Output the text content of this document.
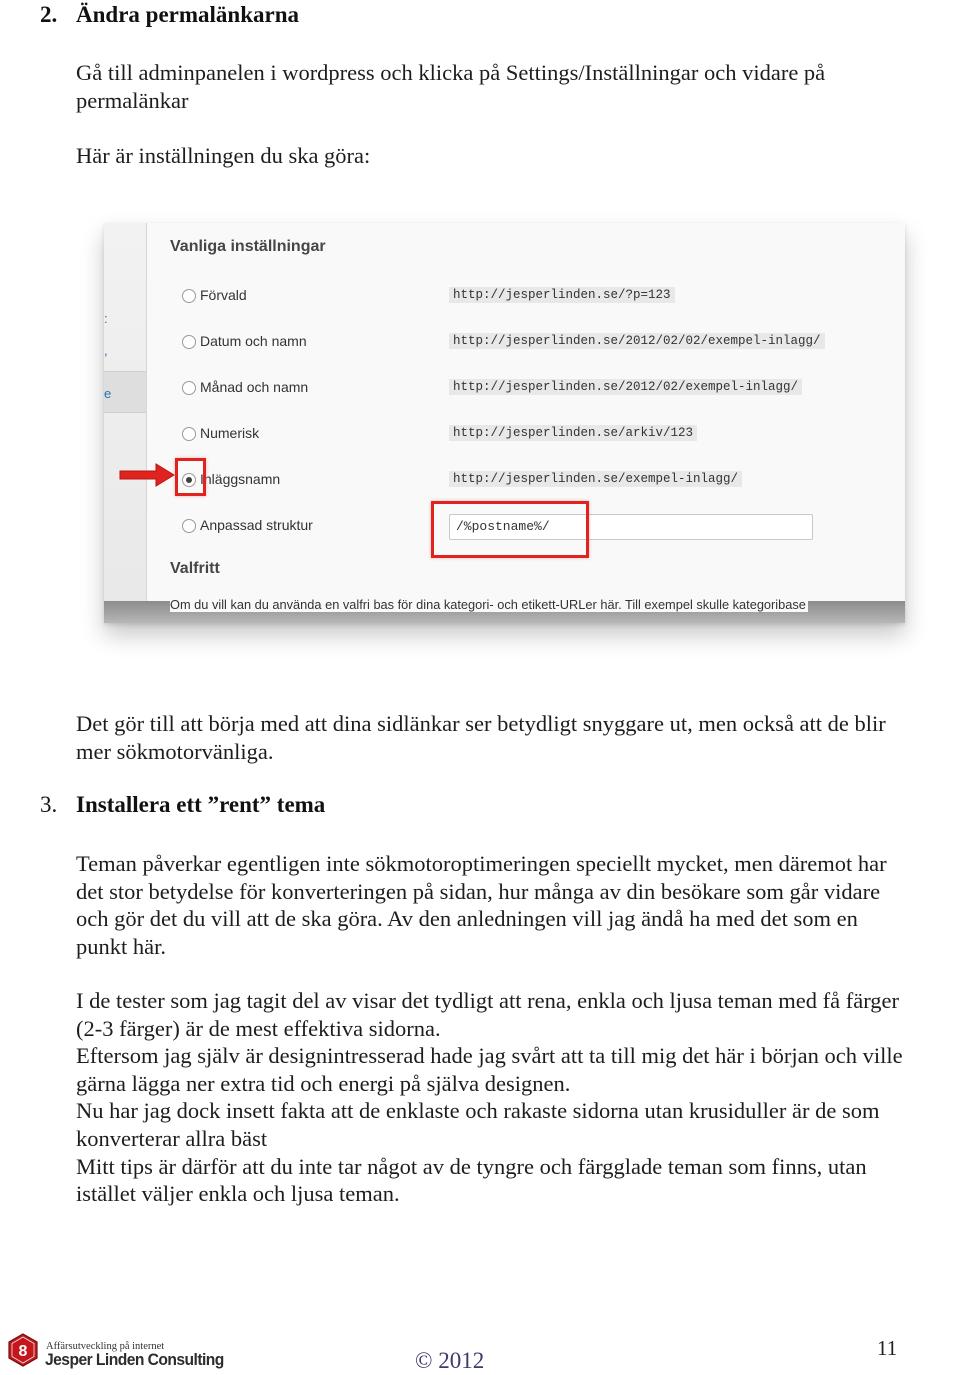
2. Ändra permalänkarna
Gå till adminpanelen i wordpress och klicka på Settings/Inställningar och vidare på permalänkar
Här är inställningen du ska göra:
:
,
e
Vanliga inställningar
Förvald	http://jesperlinden.se/?p=123
Datum och namn	http://jesperlinden.se/2012/02/02/exempel-inlagg/
Månad och namn	http://jesperlinden.se/2012/02/exempel-inlagg/
Numerisk	http://jesperlinden.se/arkiv/123
Inläggsnamn	http://jesperlinden.se/exempel-inlagg/
Anpassad struktur	/%postname%/
Valfritt
Om du vill kan du använda en valfri bas för dina kategori- och etikett-URLer här. Till exempel skulle kategoribase
Det gör till att börja med att dina sidlänkar ser betydligt snyggare ut, men också att de blir mer sökmotorvänliga.
3. Installera ett ”rent” tema
Teman påverkar egentligen inte sökmotoroptimeringen speciellt mycket, men däremot har det stor betydelse för konverteringen på sidan, hur många av din besökare som går vidare och gör det du vill att de ska göra. Av den anledningen vill jag ändå ha med det som en punkt här.

I de tester som jag tagit del av visar det tydligt att rena, enkla och ljusa teman med få färger (2-3 färger) är de mest effektiva sidorna.

Eftersom jag själv är designintresserad hade jag svårt att ta till mig det här i början och ville gärna lägga ner extra tid och energi på själva designen.

Nu har jag dock insett fakta att de enklaste och rakaste sidorna utan krusiduller är de som konverterar allra bäst

Mitt tips är därför att du inte tar något av de tyngre och färgglade teman som finns, utan istället väljer enkla och ljusa teman.

8 Affärsutveckling på internet
Jesper Linden Consulting	© 2012	11
